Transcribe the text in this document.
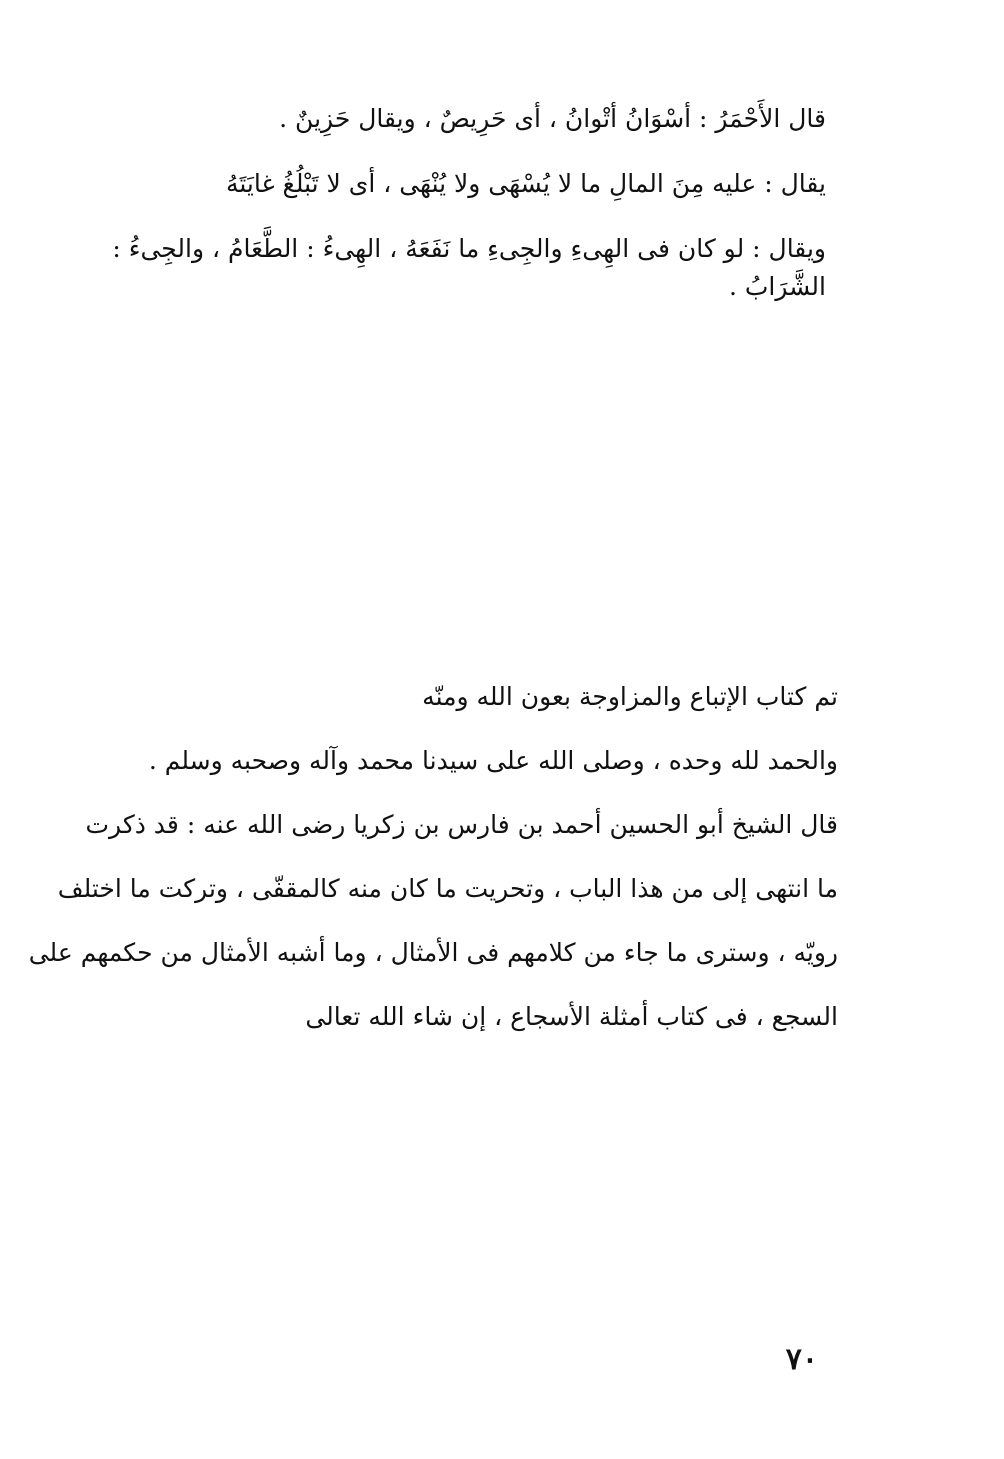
قال الأَحْمَرُ : أسْوَانُ أتْوانُ ، أى حَرِيصٌ ، ويقال حَزِينٌ .
يقال : عليه مِنَ المالِ ما لا يُسْهَى ولا يُنْهَى ، أى لا تَبْلُغُ غايَتَهُ
ويقال : لو كان فى الهِىءِ والجِىءِ ما نَفَعَهُ ، الهِىءُ : الطَّعَامُ ، والجِىءُ :
الشَّرَابُ .
تم كتاب الإتباع والمزاوجة بعون الله ومنّه
والحمد لله وحده ، وصلى الله على سيدنا محمد وآله وصحبه وسلم .
قال الشيخ أبو الحسين أحمد بن فارس بن زكريا رضى الله عنه : قد ذكرت
ما انتهى إلى من هذا الباب ، وتحريت ما كان منه كالمقفّى ، وتركت ما اختلف
رويّه ، وسترى ما جاء من كلامهم فى الأمثال ، وما أشبه الأمثال من حكمهم على
السجع ، فى كتاب أمثلة الأسجاع ، إن شاء الله تعالى
٧٠
